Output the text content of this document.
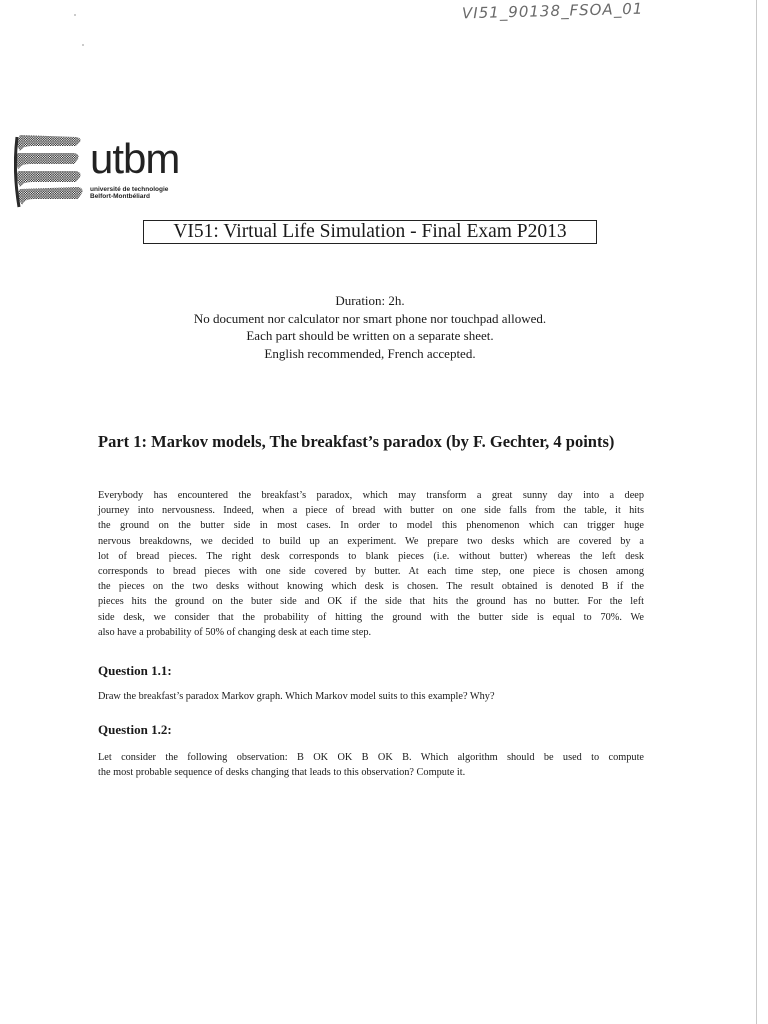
VI51_90138_FSOA_01
utbm
université de technologie
Belfort-Montbéliard
VI51: Virtual Life Simulation - Final Exam P2013
Duration: 2h.
No document nor calculator nor smart phone nor touchpad allowed.
Each part should be written on a separate sheet.
English recommended, French accepted.
Part 1: Markov models, The breakfast’s paradox (by F. Gechter, 4 points)
Everybody has encountered the breakfast’s paradox, which may transform a great sunny day into a deep
journey into nervousness. Indeed, when a piece of bread with butter on one side falls from the table, it hits
the ground on the butter side in most cases. In order to model this phenomenon which can trigger huge
nervous breakdowns, we decided to build up an experiment. We prepare two desks which are covered by a
lot of bread pieces. The right desk corresponds to blank pieces (i.e. without butter) whereas the left desk
corresponds to bread pieces with one side covered by butter. At each time step, one piece is chosen among
the pieces on the two desks without knowing which desk is chosen. The result obtained is denoted B if the
pieces hits the ground on the buter side and OK if the side that hits the ground has no butter. For the left
side desk, we consider that the probability of hitting the ground with the butter side is equal to 70%. We
also have a probability of 50% of changing desk at each time step.
Question 1.1:
Draw the breakfast’s paradox Markov graph. Which Markov model suits to this example? Why?
Question 1.2:
Let consider the following observation: B OK OK B OK B. Which algorithm should be used to compute
the most probable sequence of desks changing that leads to this observation? Compute it.
